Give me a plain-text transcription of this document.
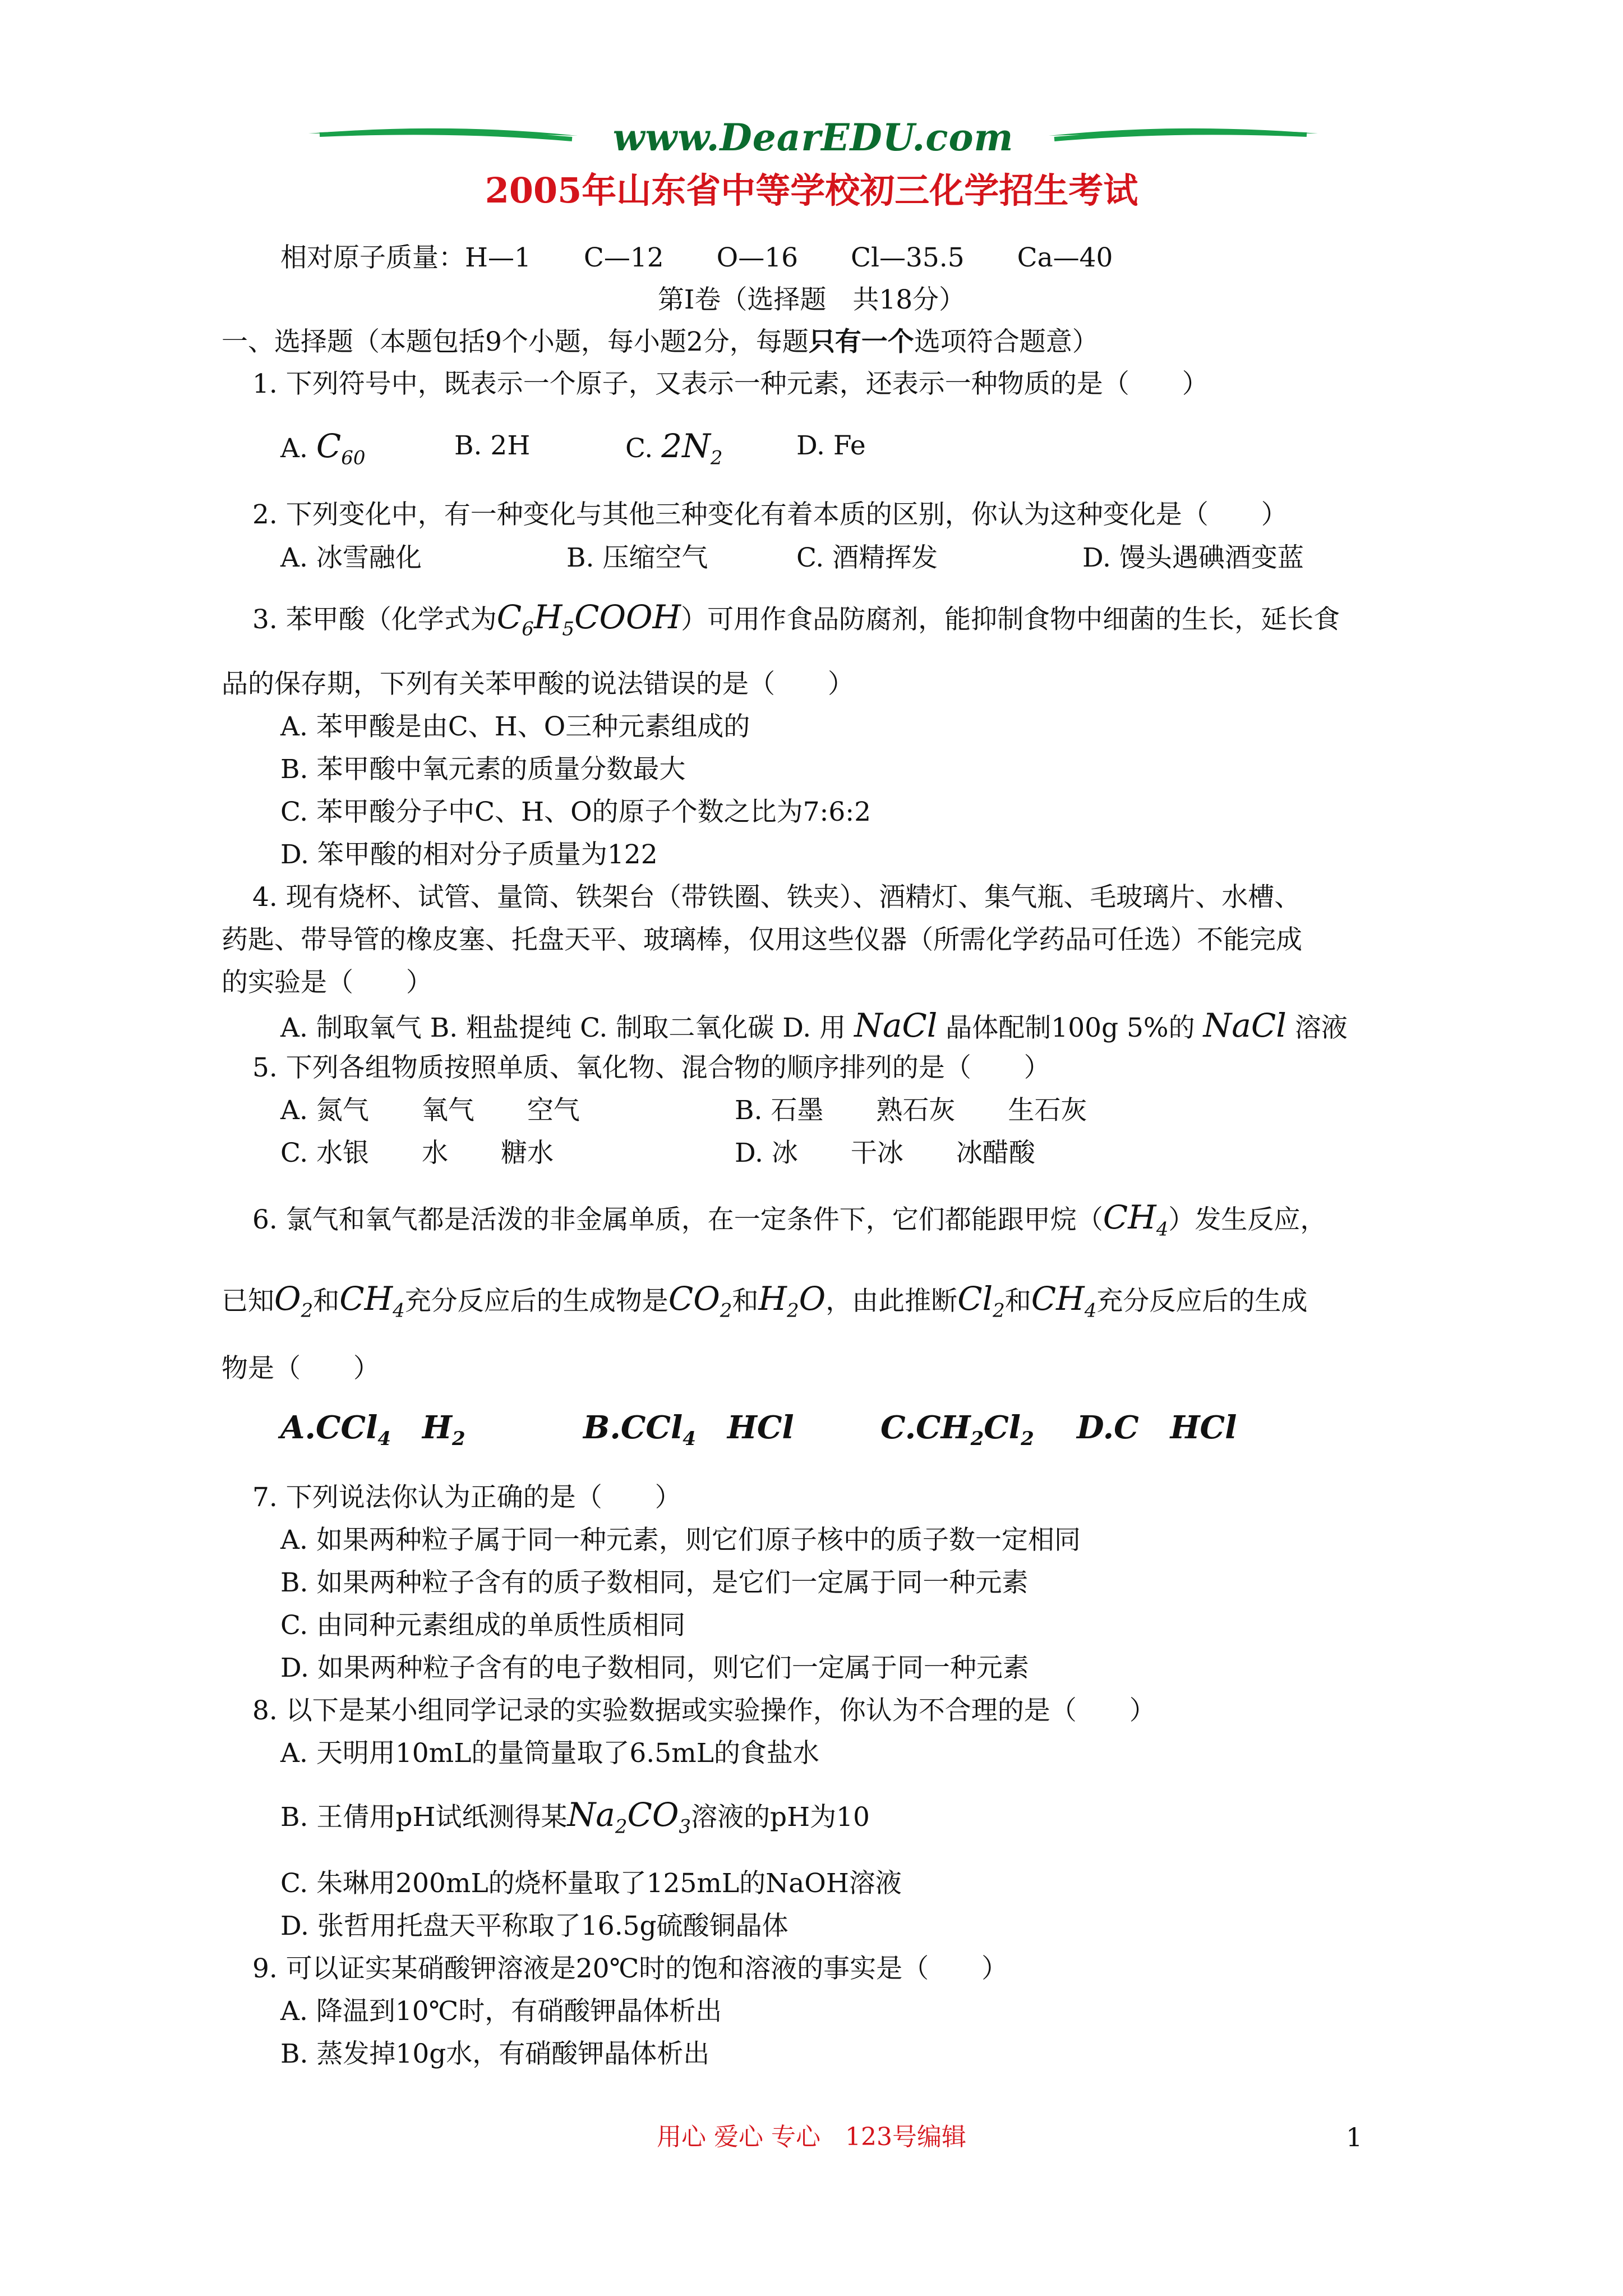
www.DearEDU.com
2005年山东省中等学校初三化学招生考试
相对原子质量：H—1　　C—12　　O—16　　Cl—35.5　　Ca—40
第Ⅰ卷（选择题　共18分）
一、选择题（本题包括9个小题，每小题2分，每题只有一个选项符合题意）
1. 下列符号中，既表示一个原子，又表示一种元素，还表示一种物质的是（　　）
A. $C_{60}$	B. 2H	C. $2N_2$	D. Fe
2. 下列变化中，有一种变化与其他三种变化有着本质的区别，你认为这种变化是（　　）
A. 冰雪融化	B. 压缩空气	C. 酒精挥发	D. 馒头遇碘酒变蓝
3. 苯甲酸（化学式为$C_6H_5COOH$）可用作食品防腐剂，能抑制食物中细菌的生长，延长食
品的保存期，下列有关苯甲酸的说法错误的是（　　）
A. 苯甲酸是由C、H、O三种元素组成的
B. 苯甲酸中氧元素的质量分数最大
C. 苯甲酸分子中C、H、O的原子个数之比为7:6:2
D. 笨甲酸的相对分子质量为122
4. 现有烧杯、试管、量筒、铁架台（带铁圈、铁夹）、酒精灯、集气瓶、毛玻璃片、水槽、
药匙、带导管的橡皮塞、托盘天平、玻璃棒，仅用这些仪器（所需化学药品可任选）不能完成
的实验是（　　）
A. 制取氧气 B. 粗盐提纯 C. 制取二氧化碳 D. 用 NaCl 晶体配制100g 5%的 NaCl 溶液
5. 下列各组物质按照单质、氧化物、混合物的顺序排列的是（　　）
A. 氮气　　氧气　　空气	B. 石墨　　熟石灰　　生石灰
C. 水银　　水　　糖水	D. 冰　　干冰　　冰醋酸
6. 氯气和氧气都是活泼的非金属单质，在一定条件下，它们都能跟甲烷$(CH_4)$发生反应，
已知$O_2$和$CH_4$充分反应后的生成物是$CO_2$和$H_2O$，由此推断$Cl_2$和$CH_4$充分反应后的生成
物是（　　）
A.CCl$_4$　 $H_2$	B.CCl$_4$　 HCl	$C.CH_2Cl_2$ D.C　 HCl
7. 下列说法你认为正确的是（　　）
A. 如果两种粒子属于同一种元素，则它们原子核中的质子数一定相同
B. 如果两种粒子含有的质子数相同，是它们一定属于同一种元素
C. 由同种元素组成的单质性质相同
D. 如果两种粒子含有的电子数相同，则它们一定属于同一种元素
8. 以下是某小组同学记录的实验数据或实验操作，你认为不合理的是（　　）
A. 天明用10mL的量筒量取了6.5mL的食盐水
B. 王倩用pH试纸测得某$Na_2CO_3$溶液的pH为10
C. 朱琳用200mL的烧杯量取了125mL的NaOH溶液
D. 张哲用托盘天平称取了16.5g硫酸铜晶体
9. 可以证实某硝酸钾溶液是20℃时的饱和溶液的事实是（　　）
A. 降温到10℃时，有硝酸钾晶体析出
B. 蒸发掉10g水，有硝酸钾晶体析出
用心 爱心 专心　123号编辑	1
